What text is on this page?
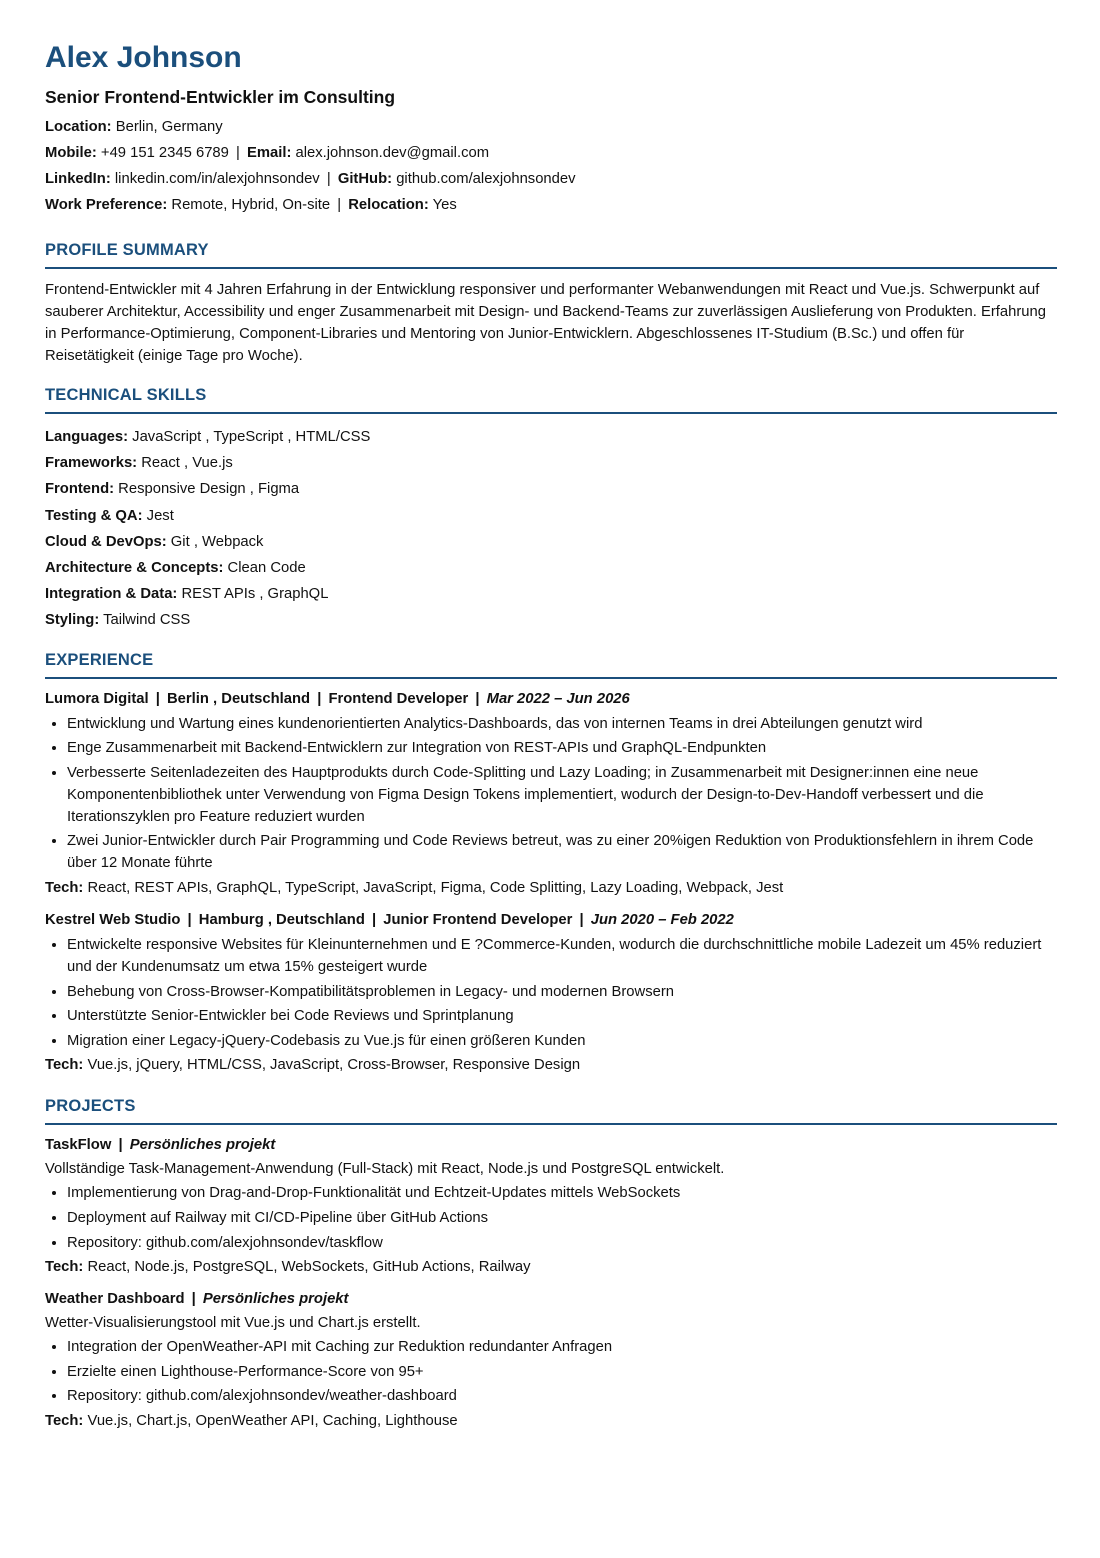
Alex Johnson
Senior Frontend-Entwickler im Consulting
Location: Berlin, Germany
Mobile: +49 151 2345 6789 | Email: alex.johnson.dev@gmail.com
LinkedIn: linkedin.com/in/alexjohnsondev | GitHub: github.com/alexjohnsondev
Work Preference: Remote, Hybrid, On-site | Relocation: Yes
PROFILE SUMMARY
Frontend-Entwickler mit 4 Jahren Erfahrung in der Entwicklung responsiver und performanter Webanwendungen mit React und Vue.js. Schwerpunkt auf sauberer Architektur, Accessibility und enger Zusammenarbeit mit Design- und Backend-Teams zur zuverlässigen Auslieferung von Produkten. Erfahrung in Performance-Optimierung, Component-Libraries und Mentoring von Junior-Entwicklern. Abgeschlossenes IT-Studium (B.Sc.) und offen für Reisetätigkeit (einige Tage pro Woche).
TECHNICAL SKILLS
Languages: JavaScript , TypeScript , HTML/CSS
Frameworks: React , Vue.js
Frontend: Responsive Design , Figma
Testing & QA: Jest
Cloud & DevOps: Git , Webpack
Architecture & Concepts: Clean Code
Integration & Data: REST APIs , GraphQL
Styling: Tailwind CSS
EXPERIENCE
Lumora Digital | Berlin , Deutschland | Frontend Developer | Mar 2022 – Jun 2026
• Entwicklung und Wartung eines kundenorientierten Analytics-Dashboards, das von internen Teams in drei Abteilungen genutzt wird
• Enge Zusammenarbeit mit Backend-Entwicklern zur Integration von REST-APIs und GraphQL-Endpunkten
• Verbesserte Seitenladezeiten des Hauptprodukts durch Code-Splitting und Lazy Loading; in Zusammenarbeit mit Designer:innen eine neue Komponentenbibliothek unter Verwendung von Figma Design Tokens implementiert, wodurch der Design-to-Dev-Handoff verbessert und die Iterationszyklen pro Feature reduziert wurden
• Zwei Junior-Entwickler durch Pair Programming und Code Reviews betreut, was zu einer 20%igen Reduktion von Produktionsfehlern in ihrem Code über 12 Monate führte
Tech: React, REST APIs, GraphQL, TypeScript, JavaScript, Figma, Code Splitting, Lazy Loading, Webpack, Jest
Kestrel Web Studio | Hamburg , Deutschland | Junior Frontend Developer | Jun 2020 – Feb 2022
• Entwickelte responsive Websites für Kleinunternehmen und E ?Commerce-Kunden, wodurch die durchschnittliche mobile Ladezeit um 45% reduziert und der Kundenumsatz um etwa 15% gesteigert wurde
• Behebung von Cross-Browser-Kompatibilitätsproblemen in Legacy- und modernen Browsern
• Unterstützte Senior-Entwickler bei Code Reviews und Sprintplanung
• Migration einer Legacy-jQuery-Codebasis zu Vue.js für einen größeren Kunden
Tech: Vue.js, jQuery, HTML/CSS, JavaScript, Cross-Browser, Responsive Design
PROJECTS
TaskFlow | Persönliches projekt
Vollständige Task-Management-Anwendung (Full-Stack) mit React, Node.js und PostgreSQL entwickelt.
• Implementierung von Drag-and-Drop-Funktionalität und Echtzeit-Updates mittels WebSockets
• Deployment auf Railway mit CI/CD-Pipeline über GitHub Actions
• Repository: github.com/alexjohnsondev/taskflow
Tech: React, Node.js, PostgreSQL, WebSockets, GitHub Actions, Railway
Weather Dashboard | Persönliches projekt
Wetter-Visualisierungstool mit Vue.js und Chart.js erstellt.
• Integration der OpenWeather-API mit Caching zur Reduktion redundanter Anfragen
• Erzielte einen Lighthouse-Performance-Score von 95+
• Repository: github.com/alexjohnsondev/weather-dashboard
Tech: Vue.js, Chart.js, OpenWeather API, Caching, Lighthouse
